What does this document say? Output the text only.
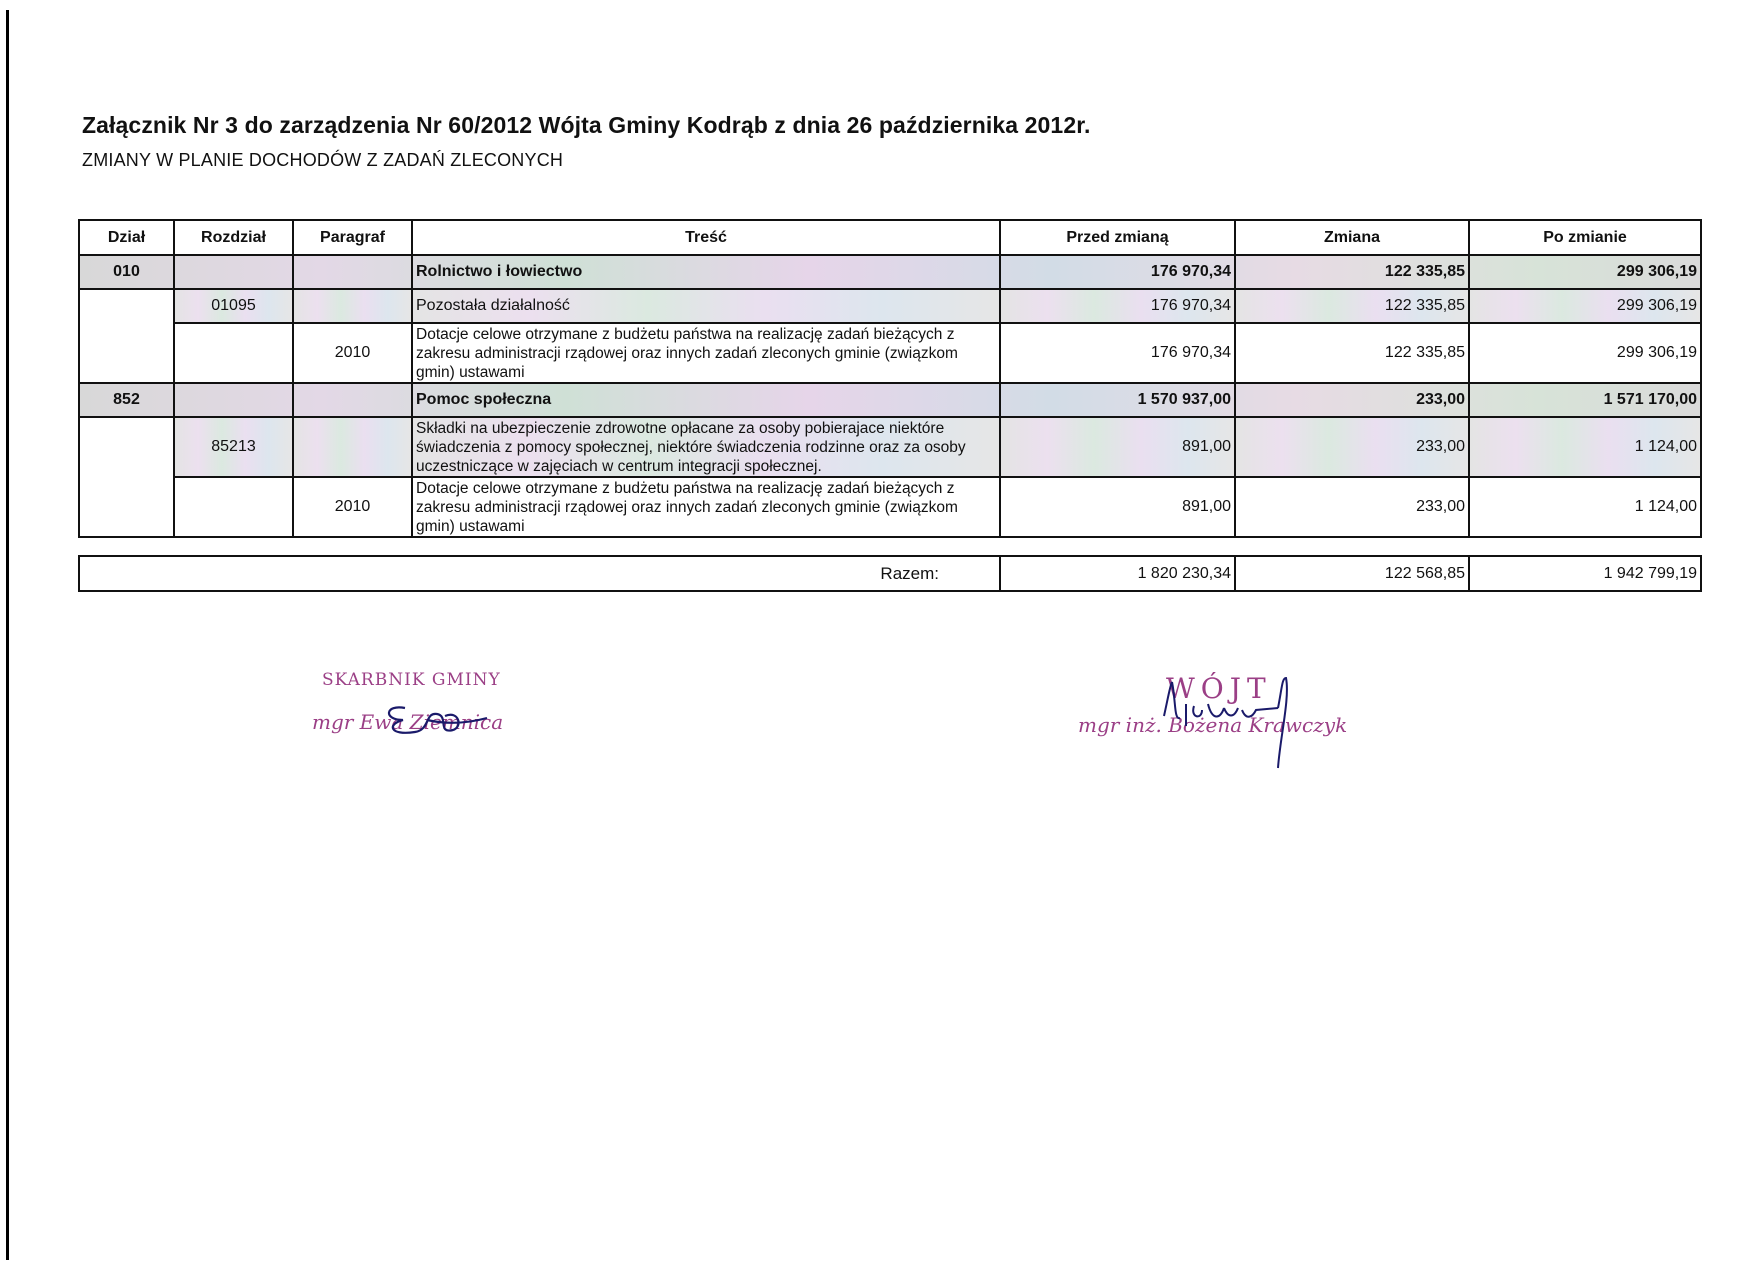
Załącznik Nr 3 do zarządzenia Nr 60/2012 Wójta Gminy Kodrąb z dnia 26 października 2012r.
ZMIANY W PLANIE DOCHODÓW Z ZADAŃ ZLECONYCH
Dział	Rozdział	Paragraf	Treść	Przed zmianą	Zmiana	Po zmianie
010			Rolnictwo i łowiectwo	176 970,34	122 335,85	299 306,19
	01095		Pozostała działalność	176 970,34	122 335,85	299 306,19
		2010	Dotacje celowe otrzymane z budżetu państwa na realizację zadań bieżących z zakresu administracji rządowej oraz innych zadań zleconych gminie (związkom gmin) ustawami	176 970,34	122 335,85	299 306,19
852			Pomoc społeczna	1 570 937,00	233,00	1 571 170,00
	85213		Składki na ubezpieczenie zdrowotne opłacane za osoby pobierajace niektóre świadczenia z pomocy społecznej, niektóre świadczenia rodzinne oraz za osoby uczestniczące w zajęciach w centrum integracji społecznej.	891,00	233,00	1 124,00
		2010	Dotacje celowe otrzymane z budżetu państwa na realizację zadań bieżących z zakresu administracji rządowej oraz innych zadań zleconych gminie (związkom gmin) ustawami	891,00	233,00	1 124,00
Razem:	1 820 230,34	122 568,85	1 942 799,19
SKARBNIK GMINY
mgr Ewa Ziemnica
WÓJT
mgr inż. Bożena Krawczyk
